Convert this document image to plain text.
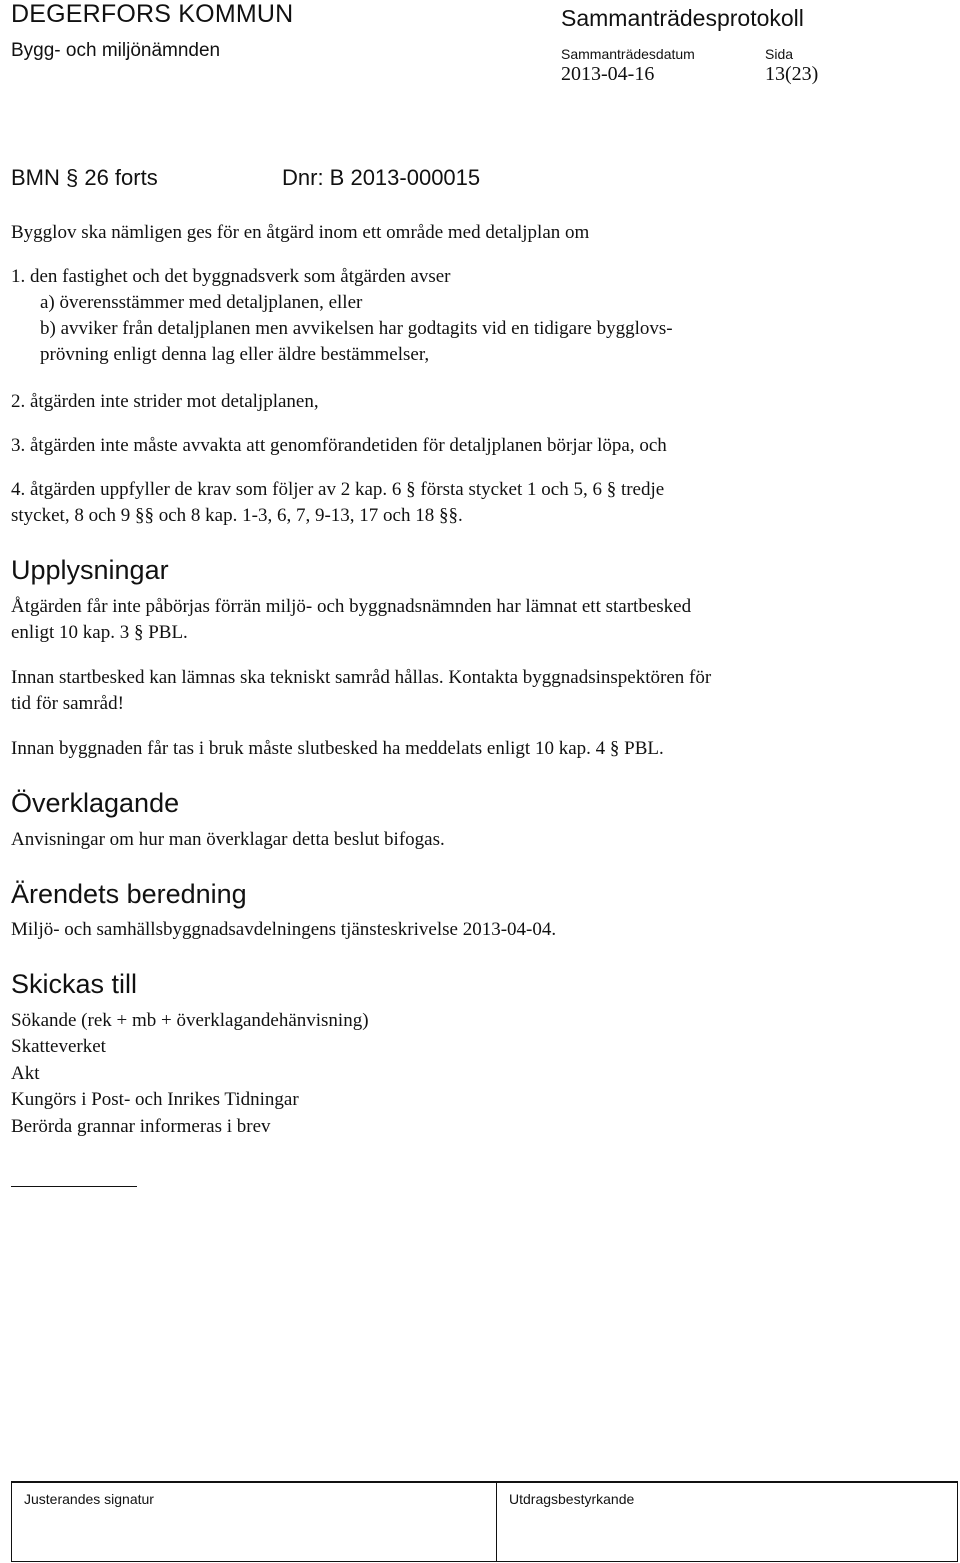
DEGERFORS KOMMUN
Bygg- och miljönämnden
Sammanträdesprotokoll
Sammanträdesdatum	Sida
2013-04-16	13(23)
BMN § 26 forts	Dnr: B 2013-000015
Bygglov ska nämligen ges för en åtgärd inom ett område med detaljplan om
1. den fastighet och det byggnadsverk som åtgärden avser
a) överensstämmer med detaljplanen, eller
b) avviker från detaljplanen men avvikelsen har godtagits vid en tidigare bygglovs-
prövning enligt denna lag eller äldre bestämmelser,
2. åtgärden inte strider mot detaljplanen,
3. åtgärden inte måste avvakta att genomförandetiden för detaljplanen börjar löpa, och
4. åtgärden uppfyller de krav som följer av 2 kap. 6 § första stycket 1 och 5, 6 § tredje
stycket, 8 och 9 §§ och 8 kap. 1-3, 6, 7, 9-13, 17 och 18 §§.
Upplysningar
Åtgärden får inte påbörjas förrän miljö- och byggnadsnämnden har lämnat ett startbesked
enligt 10 kap. 3 § PBL.
Innan startbesked kan lämnas ska tekniskt samråd hållas. Kontakta byggnadsinspektören för
tid för samråd!
Innan byggnaden får tas i bruk måste slutbesked ha meddelats enligt 10 kap. 4 § PBL.
Överklagande
Anvisningar om hur man överklagar detta beslut bifogas.
Ärendets beredning
Miljö- och samhällsbyggnadsavdelningens tjänsteskrivelse 2013-04-04.
Skickas till
Sökande (rek + mb + överklagandehänvisning)
Skatteverket
Akt
Kungörs i Post- och Inrikes Tidningar
Berörda grannar informeras i brev
Justerandes signatur	Utdragsbestyrkande
